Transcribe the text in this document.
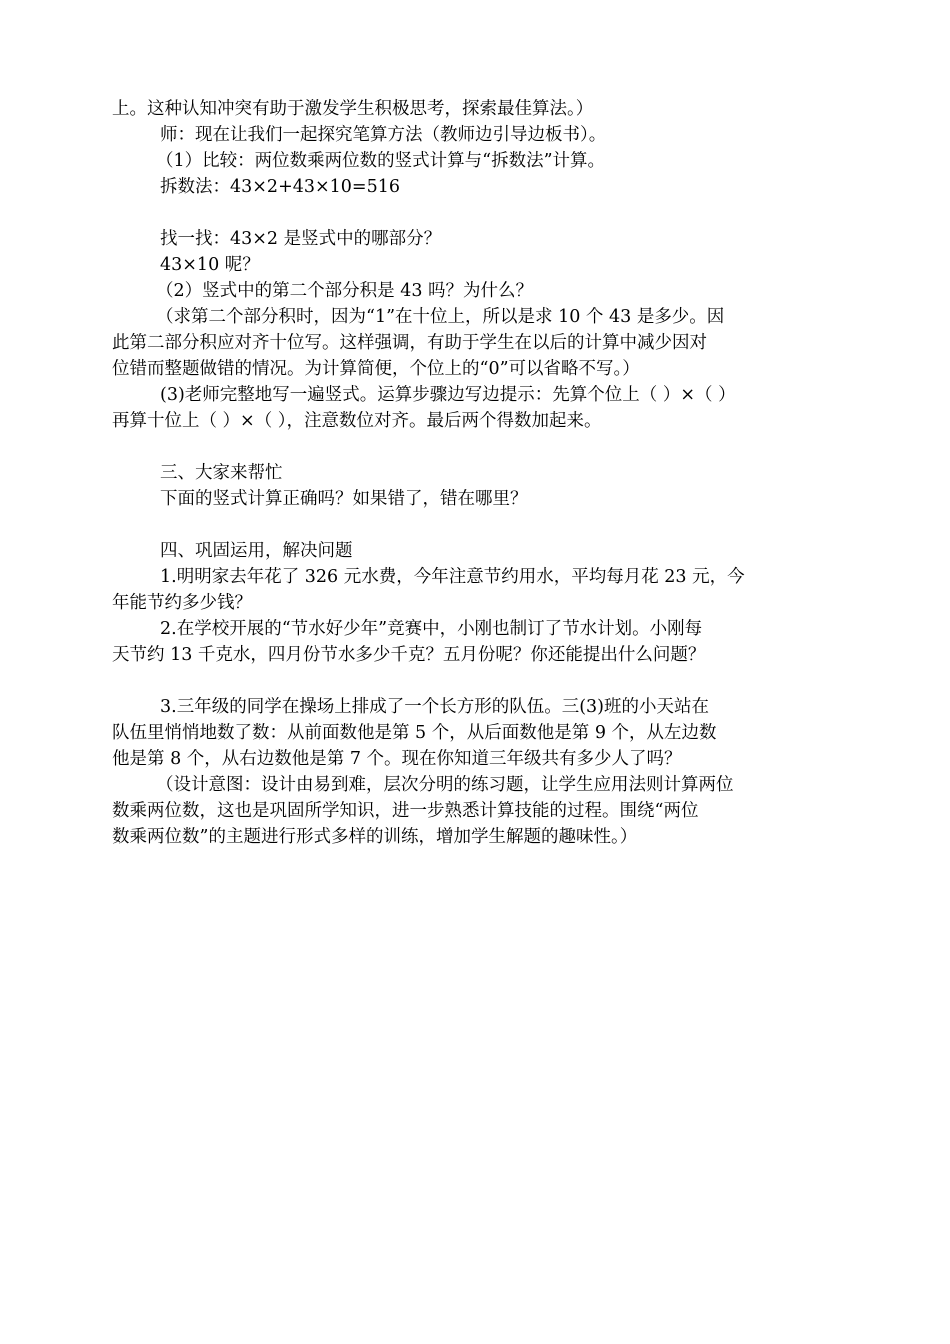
上。这种认知冲突有助于激发学生积极思考，探索最佳算法。）
师：现在让我们一起探究笔算方法（教师边引导边板书）。
（1）比较：两位数乘两位数的竖式计算与“拆数法”计算。
拆数法：43×2+43×10=516
找一找：43×2 是竖式中的哪部分？
43×10 呢？
（2）竖式中的第二个部分积是 43 吗？为什么？
（求第二个部分积时，因为“1”在十位上，所以是求 10 个 43 是多少。因
此第二部分积应对齐十位写。这样强调，有助于学生在以后的计算中减少因对
位错而整题做错的情况。为计算简便，个位上的“0”可以省略不写。）
(3)老师完整地写一遍竖式。运算步骤边写边提示：先算个位上（ ）×（ ）
再算十位上（ ）×（ ），注意数位对齐。最后两个得数加起来。
三、大家来帮忙
下面的竖式计算正确吗？如果错了，错在哪里？
四、巩固运用，解决问题
1.明明家去年花了 326 元水费，今年注意节约用水，平均每月花 23 元，今
年能节约多少钱？
2.在学校开展的“节水好少年”竞赛中，小刚也制订了节水计划。小刚每
天节约 13 千克水，四月份节水多少千克？五月份呢？你还能提出什么问题？
3.三年级的同学在操场上排成了一个长方形的队伍。三(3)班的小天站在
队伍里悄悄地数了数：从前面数他是第 5 个，从后面数他是第 9 个，从左边数
他是第 8 个，从右边数他是第 7 个。现在你知道三年级共有多少人了吗？
（设计意图：设计由易到难，层次分明的练习题，让学生应用法则计算两位
数乘两位数，这也是巩固所学知识，进一步熟悉计算技能的过程。围绕“两位
数乘两位数”的主题进行形式多样的训练，增加学生解题的趣味性。）
